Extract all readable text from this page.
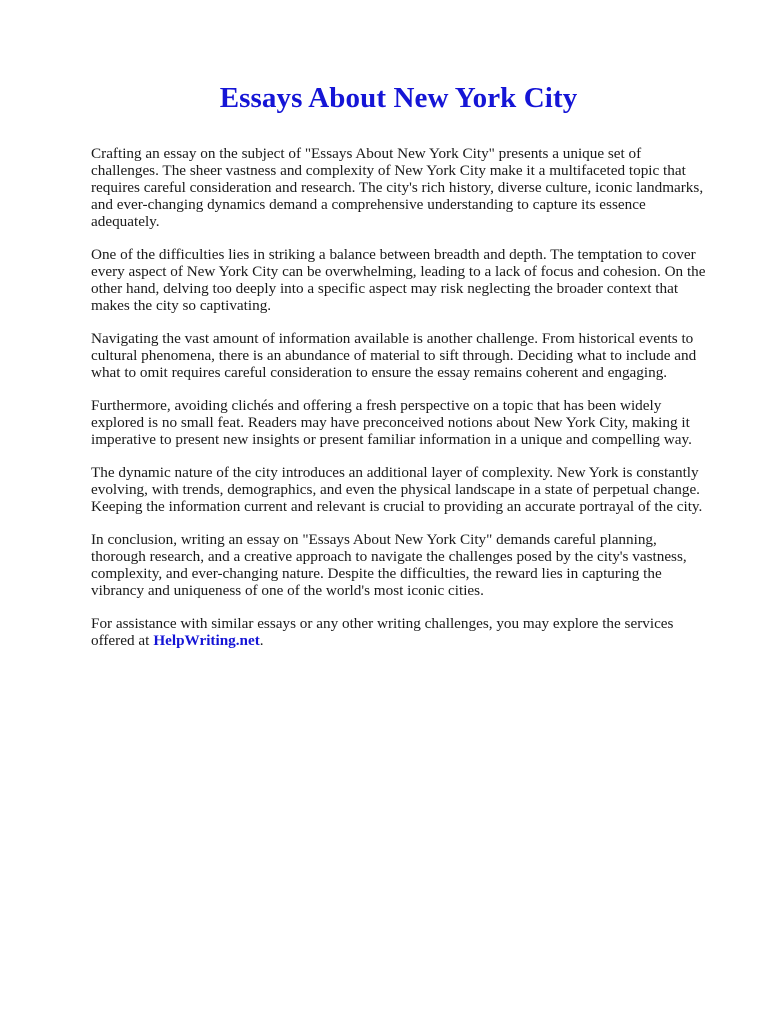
Essays About New York City

Crafting an essay on the subject of "Essays About New York City" presents a unique set of challenges. The sheer vastness and complexity of New York City make it a multifaceted topic that requires careful consideration and research. The city's rich history, diverse culture, iconic landmarks, and ever-changing dynamics demand a comprehensive understanding to capture its essence adequately.

One of the difficulties lies in striking a balance between breadth and depth. The temptation to cover every aspect of New York City can be overwhelming, leading to a lack of focus and cohesion. On the other hand, delving too deeply into a specific aspect may risk neglecting the broader context that makes the city so captivating.

Navigating the vast amount of information available is another challenge. From historical events to cultural phenomena, there is an abundance of material to sift through. Deciding what to include and what to omit requires careful consideration to ensure the essay remains coherent and engaging.

Furthermore, avoiding clichés and offering a fresh perspective on a topic that has been widely explored is no small feat. Readers may have preconceived notions about New York City, making it imperative to present new insights or present familiar information in a unique and compelling way.

The dynamic nature of the city introduces an additional layer of complexity. New York is constantly evolving, with trends, demographics, and even the physical landscape in a state of perpetual change. Keeping the information current and relevant is crucial to providing an accurate portrayal of the city.

In conclusion, writing an essay on "Essays About New York City" demands careful planning, thorough research, and a creative approach to navigate the challenges posed by the city's vastness, complexity, and ever-changing nature. Despite the difficulties, the reward lies in capturing the vibrancy and uniqueness of one of the world's most iconic cities.

For assistance with similar essays or any other writing challenges, you may explore the services offered at HelpWriting.net.
